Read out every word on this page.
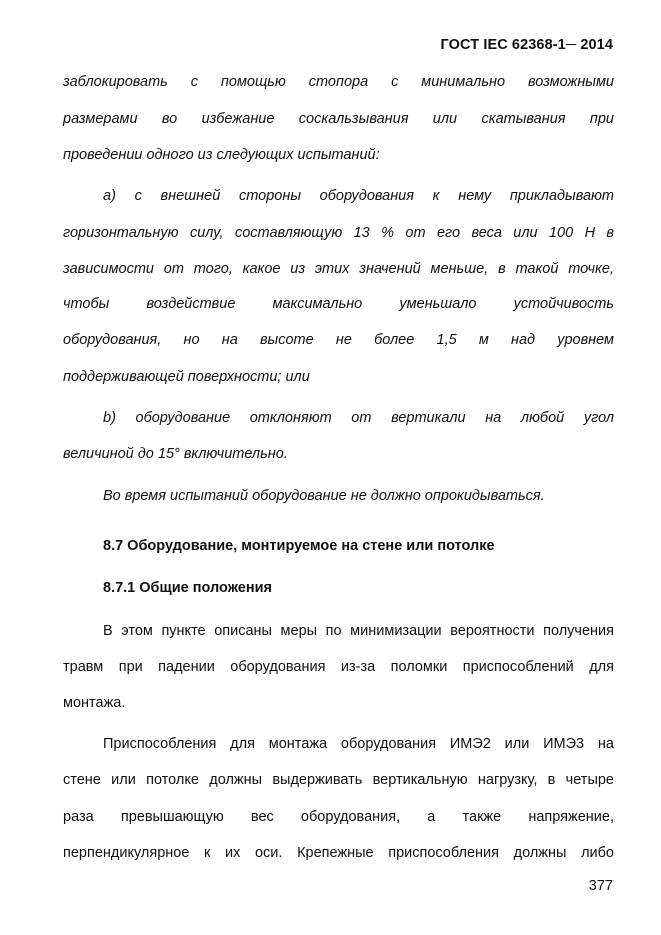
ГОСТ IEC 62368-1─ 2014
заблокировать с помощью стопора с минимально возможными
размерами во избежание соскальзывания или скатывания при
проведении одного из следующих испытаний:
а) с внешней стороны оборудования к нему прикладывают
горизонтальную силу, составляющую 13 % от его веса или 100 Н в
зависимости от того, какое из этих значений меньше, в такой точке,
чтобы воздействие максимально уменьшало устойчивость
оборудования, но на высоте не более 1,5 м над уровнем
поддерживающей поверхности; или
b) оборудование отклоняют от вертикали на любой угол
величиной до 15° включительно.
Во время испытаний оборудование не должно опрокидываться.
8.7 Оборудование, монтируемое на стене или потолке
8.7.1 Общие положения
В этом пункте описаны меры по минимизации вероятности получения
травм при падении оборудования из-за поломки приспособлений для
монтажа.
Приспособления для монтажа оборудования ИМЭ2 или ИМЭ3 на
стене или потолке должны выдерживать вертикальную нагрузку, в четыре
раза превышающую вес оборудования, а также напряжение,
перпендикулярное к их оси. Крепежные приспособления должны либо
377
